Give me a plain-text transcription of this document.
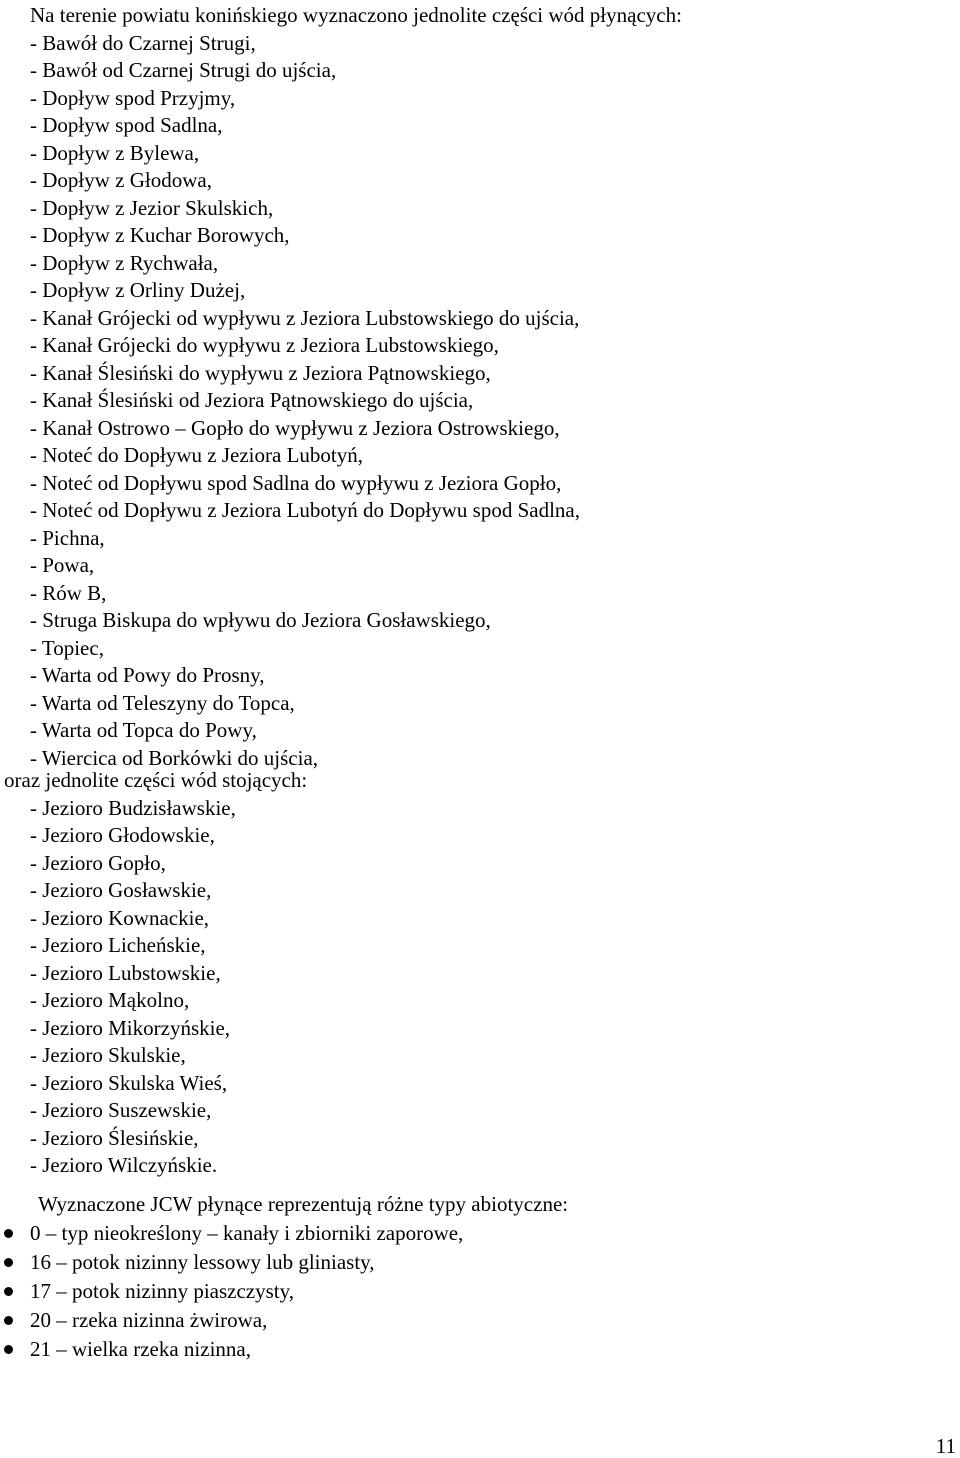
Na terenie powiatu konińskiego wyznaczono jednolite części wód płynących:
- Bawół do Czarnej Strugi,
- Bawół od Czarnej Strugi do ujścia,
- Dopływ spod Przyjmy,
- Dopływ spod Sadlna,
- Dopływ z Bylewa,
- Dopływ z Głodowa,
- Dopływ z Jezior Skulskich,
- Dopływ z Kuchar Borowych,
- Dopływ z Rychwała,
- Dopływ z Orliny Dużej,
- Kanał Grójecki od wypływu z Jeziora Lubstowskiego do ujścia,
- Kanał Grójecki do wypływu z Jeziora Lubstowskiego,
- Kanał Ślesiński do wypływu z Jeziora Pątnowskiego,
- Kanał Ślesiński od Jeziora Pątnowskiego do ujścia,
- Kanał Ostrowo – Gopło do wypływu z Jeziora Ostrowskiego,
- Noteć do Dopływu z Jeziora Lubotyń,
- Noteć od Dopływu spod Sadlna do wypływu z Jeziora Gopło,
- Noteć od Dopływu z Jeziora Lubotyń do Dopływu spod Sadlna,
- Pichna,
- Powa,
- Rów B,
- Struga Biskupa do wpływu do Jeziora Gosławskiego,
- Topiec,
- Warta od Powy do Prosny,
- Warta od Teleszyny do Topca,
- Warta od Topca do Powy,
- Wiercica od Borkówki do ujścia,
oraz jednolite części wód stojących:
- Jezioro Budzisławskie,
- Jezioro Głodowskie,
- Jezioro Gopło,
- Jezioro Gosławskie,
- Jezioro Kownackie,
- Jezioro Licheńskie,
- Jezioro Lubstowskie,
- Jezioro Mąkolno,
- Jezioro Mikorzyńskie,
- Jezioro Skulskie,
- Jezioro Skulska Wieś,
- Jezioro Suszewskie,
- Jezioro Ślesińskie,
- Jezioro Wilczyńskie.
Wyznaczone JCW płynące reprezentują różne typy abiotyczne:
0 – typ nieokreślony – kanały i zbiorniki zaporowe,
16 – potok nizinny lessowy lub gliniasty,
17 – potok nizinny piaszczysty,
20 – rzeka nizinna żwirowa,
21 – wielka rzeka nizinna,
11
